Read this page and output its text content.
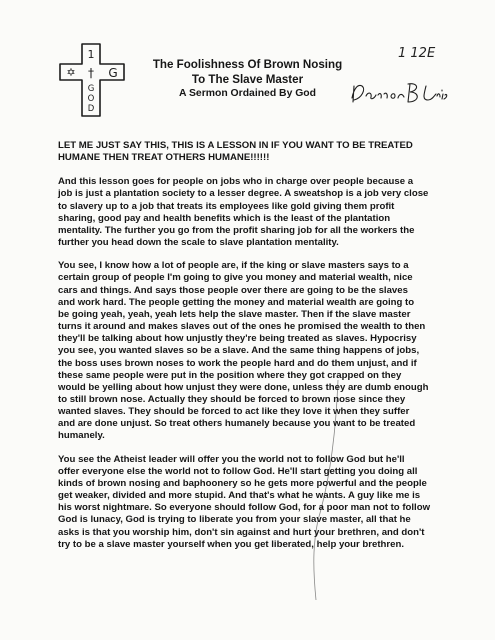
1
✡ † G
G
O
D
The Foolishness Of Brown Nosing
To The Slave Master
A Sermon Ordained By God
1 12E

LET ME JUST SAY THIS, THIS IS A LESSON IN IF YOU WANT TO BE TREATED
HUMANE THEN TREAT OTHERS HUMANE!!!!!!

And this lesson goes for people on jobs who in charge over people because a
job is just a plantation society to a lesser degree. A sweatshop is a job very close
to slavery up to a job that treats its employees like gold giving them profit
sharing, good pay and health benefits which is the least of the plantation
mentality. The further you go from the profit sharing job for all the workers the
further you head down the scale to slave plantation mentality.

You see, I know how a lot of people are, if the king or slave masters says to a
certain group of people I'm going to give you money and material wealth, nice
cars and things. And says those people over there are going to be the slaves
and work hard. The people getting the money and material wealth are going to
be going yeah, yeah, yeah lets help the slave master. Then if the slave master
turns it around and makes slaves out of the ones he promised the wealth to then
they'll be talking about how unjustly they're being treated as slaves. Hypocrisy
you see, you wanted slaves so be a slave. And the same thing happens of jobs,
the boss uses brown noses to work the people hard and do them unjust, and if
these same people were put in the position where they got crapped on they
would be yelling about how unjust they were done, unless they are dumb enough
to still brown nose. Actually they should be forced to brown nose since they
wanted slaves. They should be forced to act like they love it when they suffer
and are done unjust. So treat others humanely because you want to be treated
humanely.

You see the Atheist leader will offer you the world not to follow God but he'll
offer everyone else the world not to follow God. He'll start getting you doing all
kinds of brown nosing and baphoonery so he gets more powerful and the people
get weaker, divided and more stupid. And that's what he wants. A guy like me is
his worst nightmare. So everyone should follow God, for a poor man not to follow
God is lunacy, God is trying to liberate you from your slave master, all that he
asks is that you worship him, don't sin against and hurt your brethren, and don't
try to be a slave master yourself when you get liberated, help your brethren.
